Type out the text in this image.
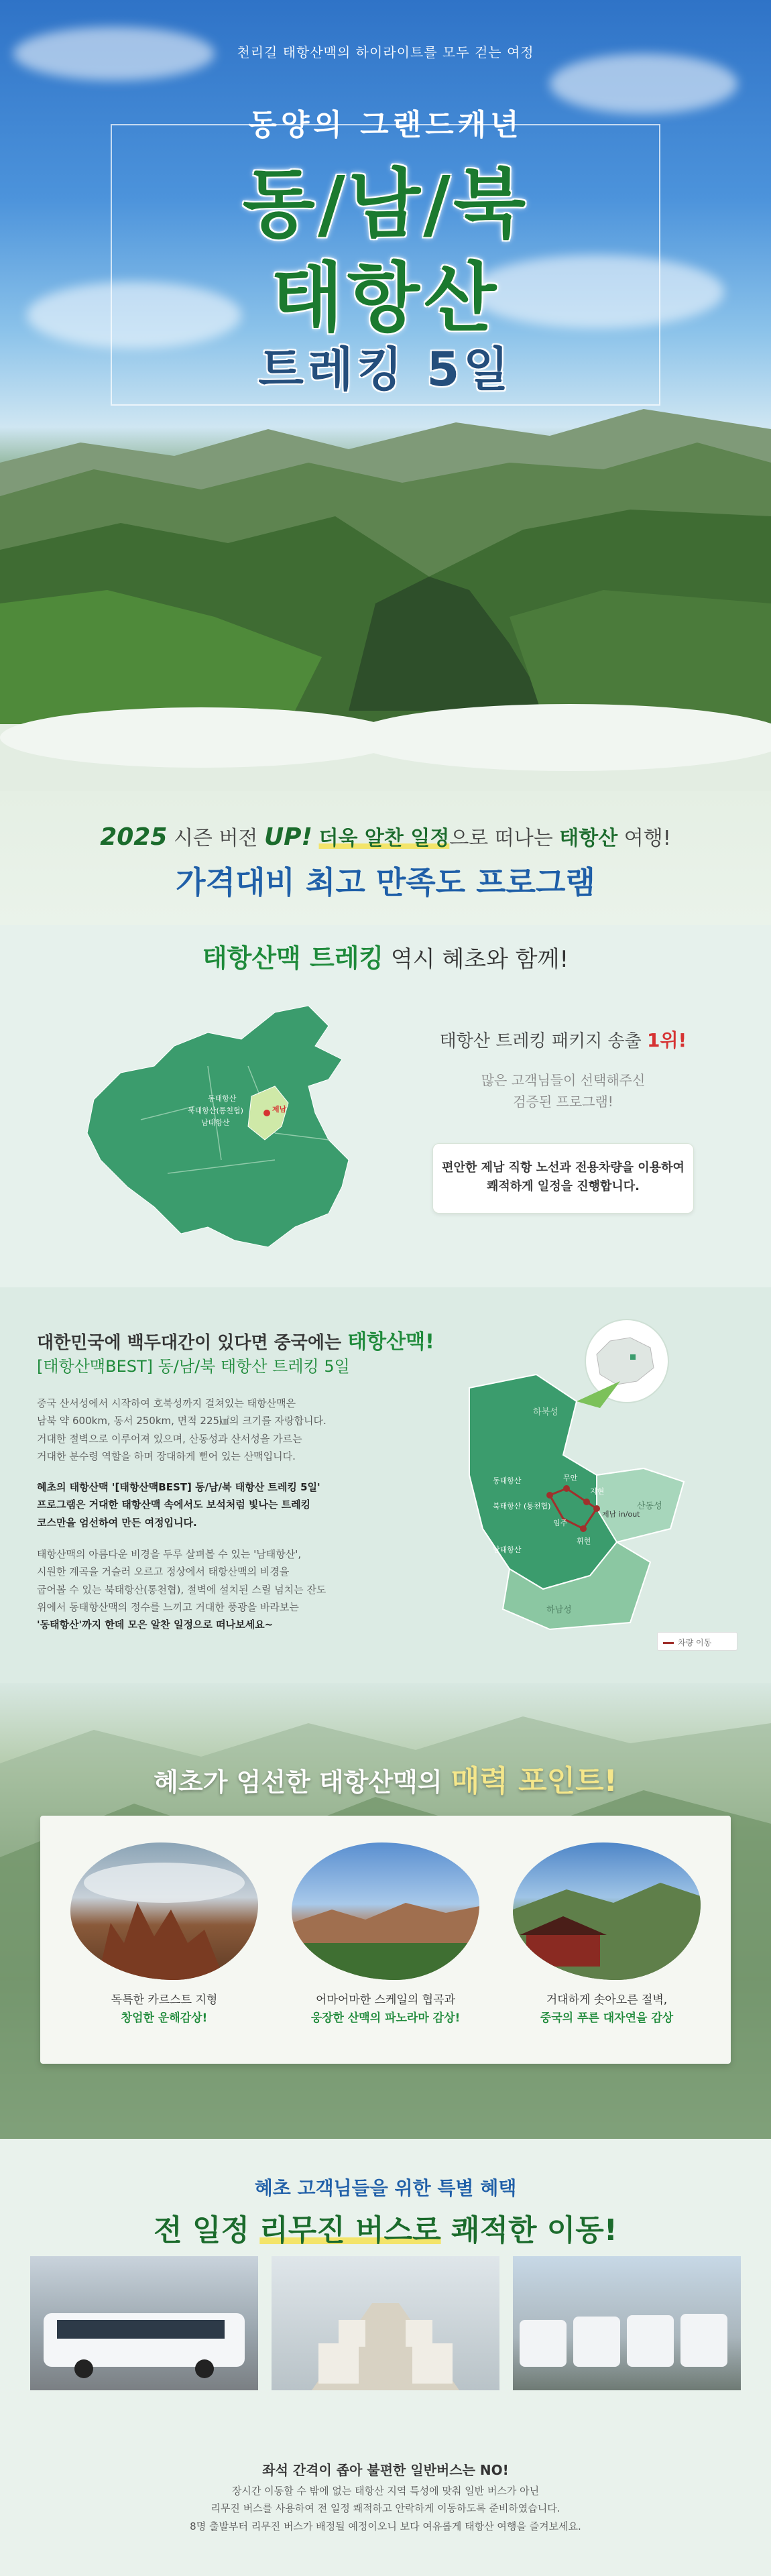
천리길 태항산맥의 하이라이트를 모두 걷는 여정
동양의 그랜드캐년
동/남/북
태항산
트레킹 5일
2025 시즌 버전 UP! 더욱 알찬 일정으로 떠나는 태항산 여행!
가격대비 최고 만족도 프로그램
태항산맥 트레킹 역시 혜초와 함께!
동태항산
북태항산(통천협)
남태항산
제남
태항산 트레킹 패키지 송출 1위!
많은 고객님들이 선택해주신
검증된 프로그램!
편안한 제남 직항 노선과 전용차량을 이용하여
쾌적하게 일정을 진행합니다.
대한민국에 백두대간이 있다면 중국에는 태항산맥!
[태항산맥BEST] 동/남/북 태항산 트레킹 5일
중국 산서성에서 시작하여 호북성까지 걸쳐있는 태항산맥은
남북 약 600km, 동서 250km, 면적 225㎢의 크기를 자랑합니다.
거대한 절벽으로 이루어져 있으며, 산동성과 산서성을 가르는
거대한 분수령 역할을 하며 장대하게 뻗어 있는 산맥입니다.
혜초의 태항산맥 '[태항산맥BEST] 동/남/북 태항산 트레킹 5일'
프로그램은 거대한 태항산맥 속에서도 보석처럼 빛나는 트레킹
코스만을 엄선하여 만든 여정입니다.
태항산맥의 아름다운 비경을 두루 살펴볼 수 있는 '남태항산',
시원한 계곡을 거슬러 오르고 정상에서 태항산맥의 비경을
굽어볼 수 있는 북태항산(통천협), 절벽에 설치된 스릴 넘치는 잔도
위에서 동태항산맥의 정수를 느끼고 거대한 풍광을 바라보는
'동태항산'까지 한데 모은 알찬 일정으로 떠나보세요~
하북성
산동성
하남성
동태항산
북태항산 (통천협)
남태항산
무안
지현
임주
휘현
제남 in/out
차량 이동
혜초가 엄선한 태항산맥의 매력 포인트!
독특한 카르스트 지형
창엄한 운해감상!
어마어마한 스케일의 협곡과
웅장한 산맥의 파노라마 감상!
거대하게 솟아오른 절벽,
중국의 푸른 대자연을 감상
혜초 고객님들을 위한 특별 혜택
전 일정 리무진 버스로 쾌적한 이동!
좌석 간격이 좁아 불편한 일반버스는 NO!
장시간 이동할 수 밖에 없는 태항산 지역 특성에 맞춰 일반 버스가 아닌
리무진 버스를 사용하여 전 일정 쾌적하고 안락하게 이동하도록 준비하였습니다.
8명 출발부터 리무진 버스가 배정될 예정이오니 보다 여유롭게 태항산 여행을 즐겨보세요.
